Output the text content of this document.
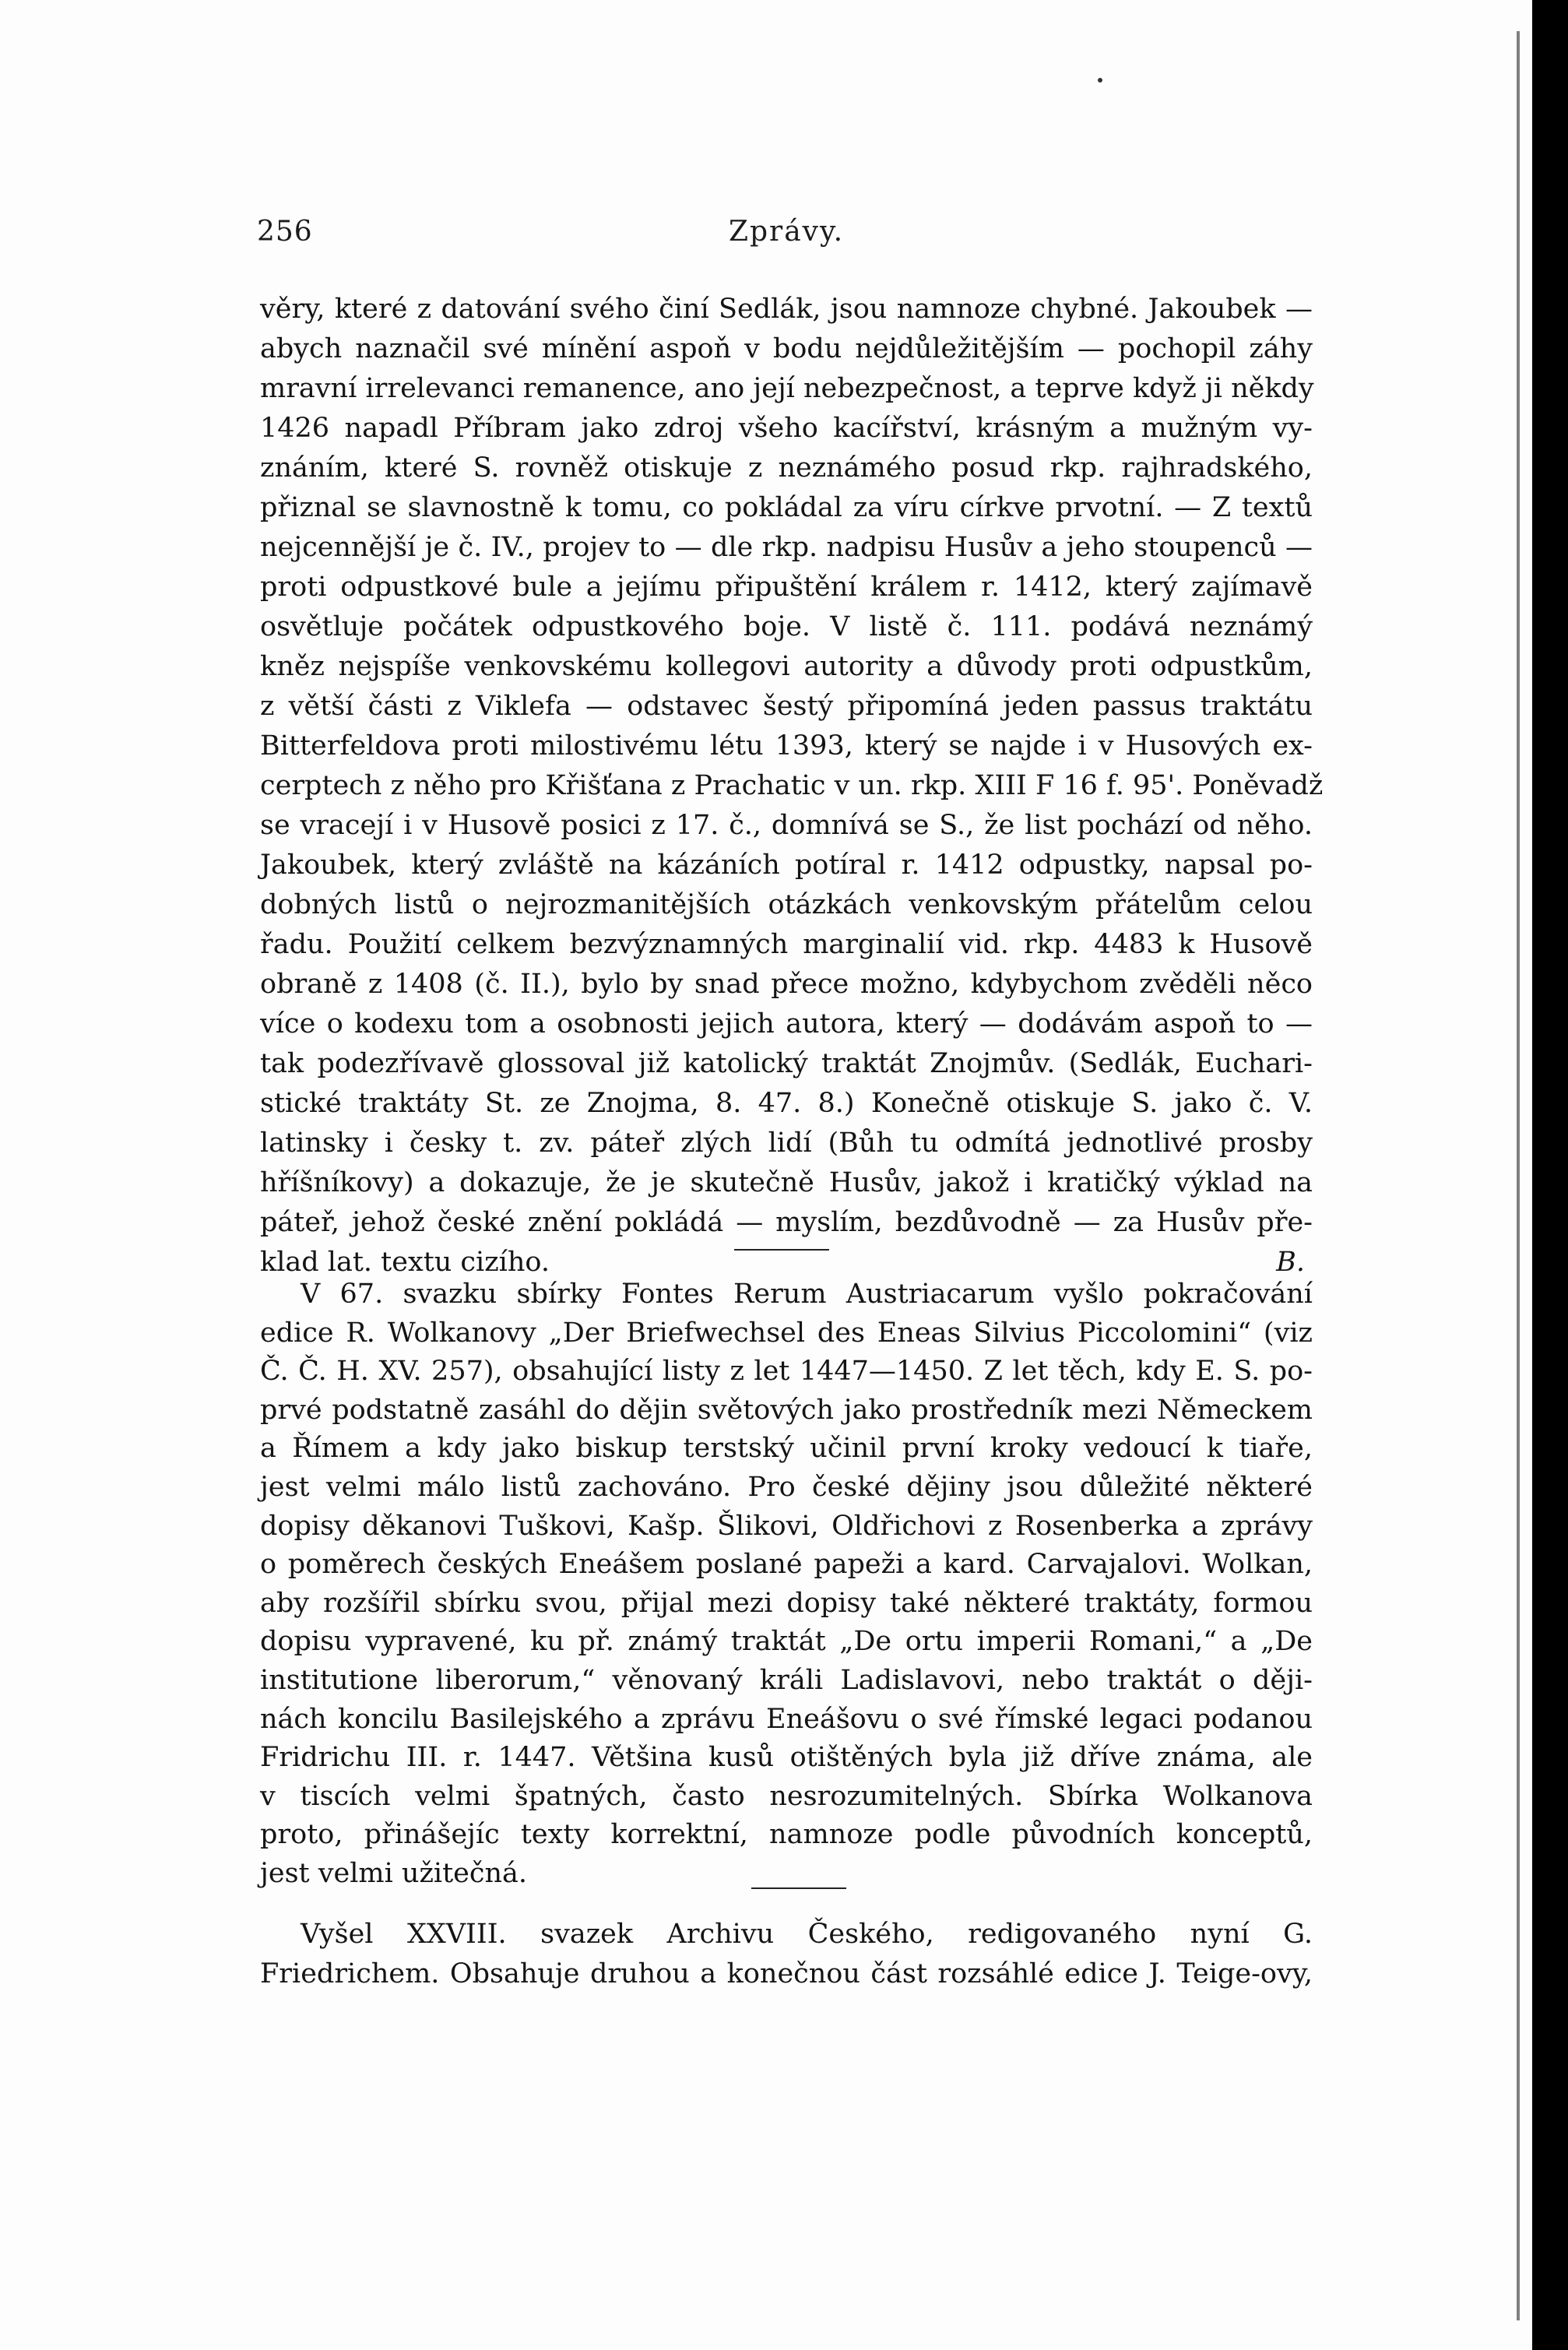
256	Zprávy.

věry, které z datování svého činí Sedlák, jsou namnoze chybné. Jakoubek —

abych naznačil své mínění aspoň v bodu nejdůležitějším — pochopil záhy

mravní irrelevanci remanence, ano její nebezpečnost, a teprve když ji někdy

1426 napadl Příbram jako zdroj všeho kacířství, krásným a mužným vy-

znáním, které S. rovněž otiskuje z neznámého posud rkp. rajhradského,

přiznal se slavnostně k tomu, co pokládal za víru církve prvotní. — Z textů

nejcennější je č. IV., projev to — dle rkp. nadpisu Husův a jeho stoupenců —

proti odpustkové bule a jejímu připuštění králem r. 1412, který zajímavě

osvětluje počátek odpustkového boje. V listě č. 111. podává neznámý

kněz nejspíše venkovskému kollegovi autority a důvody proti odpustkům,

z větší části z Viklefa — odstavec šestý připomíná jeden passus traktátu

Bitterfeldova proti milostivému létu 1393, který se najde i v Husových ex-

cerptech z něho pro Křišťana z Prachatic v un. rkp. XIII F 16 f. 95'. Poněvadž

se vracejí i v Husově posici z 17. č., domnívá se S., že list pochází od něho.

Jakoubek, který zvláště na kázáních potíral r. 1412 odpustky, napsal po-

dobných listů o nejrozmanitějších otázkách venkovským přátelům celou

řadu. Použití celkem bezvýznamných marginalií vid. rkp. 4483 k Husově

obraně z 1408 (č. II.), bylo by snad přece možno, kdybychom zvěděli něco

více o kodexu tom a osobnosti jejich autora, který — dodávám aspoň to —

tak podezřívavě glossoval již katolický traktát Znojmův. (Sedlák, Euchari-

stické traktáty St. ze Znojma, 8. 47. 8.) Konečně otiskuje S. jako č. V.

latinsky i česky t. zv. páteř zlých lidí (Bůh tu odmítá jednotlivé prosby

hříšníkovy) a dokazuje, že je skutečně Husův, jakož i kratičký výklad na

páteř, jehož české znění pokládá — myslím, bezdůvodně — za Husův pře-

klad lat. textu cizího.	B.

V 67. svazku sbírky Fontes Rerum Austriacarum vyšlo pokračování

edice R. Wolkanovy „Der Briefwechsel des Eneas Silvius Piccolomini“ (viz

Č. Č. H. XV. 257), obsahující listy z let 1447—1450. Z let těch, kdy E. S. po-

prvé podstatně zasáhl do dějin světových jako prostředník mezi Německem

a Římem a kdy jako biskup terstský učinil první kroky vedoucí k tiaře,

jest velmi málo listů zachováno. Pro české dějiny jsou důležité některé

dopisy děkanovi Tuškovi, Kašp. Šlikovi, Oldřichovi z Rosenberka a zprávy

o poměrech českých Eneášem poslané papeži a kard. Carvajalovi. Wolkan,

aby rozšířil sbírku svou, přijal mezi dopisy také některé traktáty, formou

dopisu vypravené, ku př. známý traktát „De ortu imperii Romani,“ a „De

institutione liberorum,“ věnovaný králi Ladislavovi, nebo traktát o ději-

nách koncilu Basilejského a zprávu Eneášovu o své římské legaci podanou

Fridrichu III. r. 1447. Většina kusů otištěných byla již dříve známa, ale

v tiscích velmi špatných, často nesrozumitelných. Sbírka Wolkanova

proto, přinášejíc texty korrektní, namnoze podle původních konceptů,

jest velmi užitečná.

Vyšel XXVIII. svazek Archivu Českého, redigovaného nyní G.

Friedrichem. Obsahuje druhou a konečnou část rozsáhlé edice J. Teige-ovy,
